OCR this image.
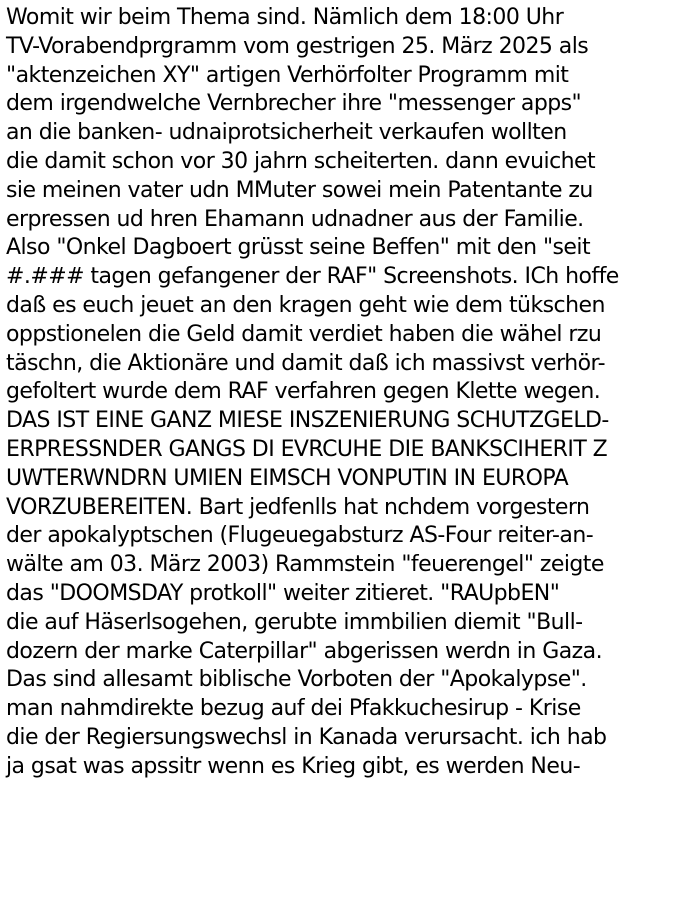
Womit wir beim Thema sind. Nämlich dem 18:00 Uhr
TV-Vorabendprgramm vom gestrigen 25. März 2025 als
"aktenzeichen XY" artigen Verhörfolter Programm mit
dem irgendwelche Vernbrecher ihre "messenger apps"
an die banken- udnaiprotsicherheit verkaufen wollten
die damit schon vor 30 jahrn scheiterten. dann evuichet
sie meinen vater udn MMuter sowei mein Patentante zu
erpressen ud hren Ehamann udnadner aus der Familie.
Also "Onkel Dagboert grüsst seine Beffen" mit den "seit
#.### tagen gefangener der RAF" Screenshots. ICh hoffe
daß es euch jeuet an den kragen geht wie dem tükschen
oppstionelen die Geld damit verdiet haben die wähel rzu
täschn, die Aktionäre und damit daß ich massivst verhör-
gefoltert wurde dem RAF verfahren gegen Klette wegen.
DAS IST EINE GANZ MIESE INSZENIERUNG SCHUTZGELD-
ERPRESSNDER GANGS DI EVRCUHE DIE BANKSCIHERIT Z
UWTERWNDRN UMIEN EIMSCH VONPUTIN IN EUROPA
VORZUBEREITEN. Bart jedfenlls hat nchdem vorgestern
der apokalyptschen (Flugeuegabsturz AS-Four reiter-an-
wälte am 03. März 2003) Rammstein "feuerengel" zeigte
das "DOOMSDAY protkoll" weiter zitieret. "RAUpbEN"
die auf Häserlsogehen, gerubte immbilien diemit "Bull-
dozern der marke Caterpillar" abgerissen werdn in Gaza.
Das sind allesamt biblische Vorboten der "Apokalypse".
man nahmdirekte bezug auf dei Pfakkuchesirup - Krise
die der Regiersungswechsl in Kanada verursacht. ich hab
ja gsat was apssitr wenn es Krieg gibt, es werden Neu-
